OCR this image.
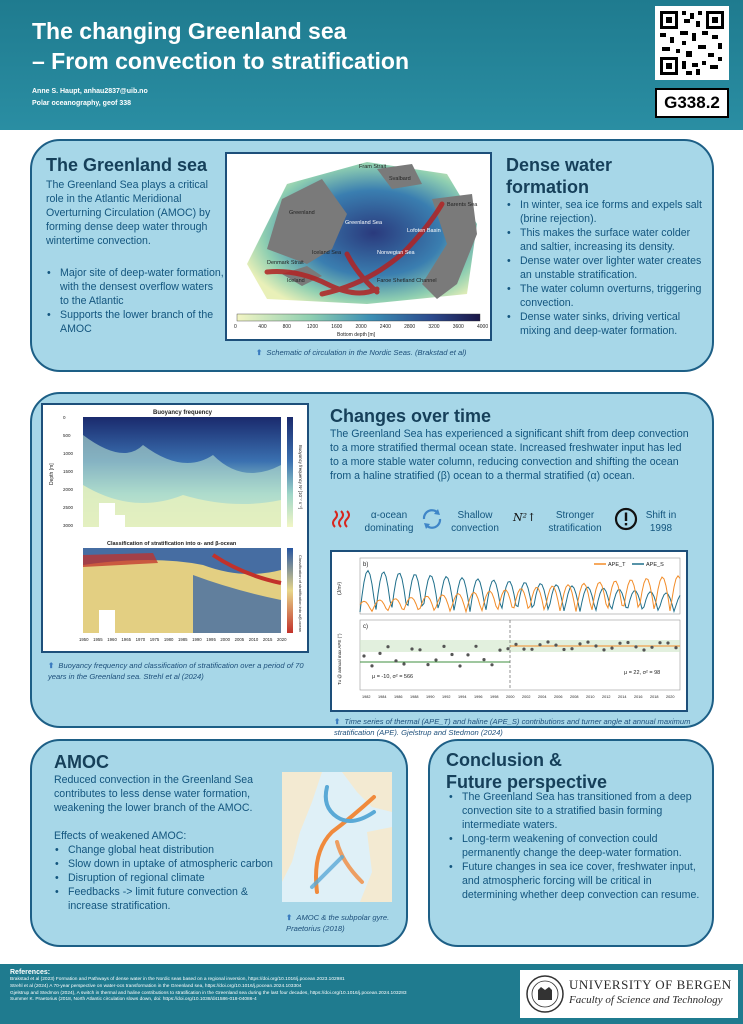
The changing Greenland sea
– From convection to stratification
Anne S. Haupt, anhau2837@uib.no
Polar oceanography, geof 338	G338.2
The Greenland sea
The Greenland Sea plays a critical role in the Atlantic Meridional Overturning Circulation (AMOC) by forming dense deep water through wintertime convection.
• Major site of deep-water formation, with the densest overflow waters to the Atlantic
• Supports the lower branch of the AMOC
Fram Strait
Greenland
Svalbard
Barents Sea
Greenland Sea
Lofoten Basin
Norwegian Sea
Iceland
Iceland Sea
Faroe Shetland Channel
Denmark Strait
0	400	800	1200	1600	2000	2400	2800	3200	3600	4000
Bottom depth [m]
⬆ Schematic of circulation in the Nordic Seas. (Brakstad et al)
Dense water
formation
• In winter, sea ice forms and expels salt (brine rejection).
• This makes the surface water colder and saltier, increasing its density.
• Dense water over lighter water creates an unstable stratification.
• The water column overturns, triggering convection.
• Dense water sinks, driving vertical mixing and deep-water formation.
Buoyancy frequency
Buoyancy frequency N² [10⁻⁷ s⁻²]
Classification of stratification into α- and β-ocean
Classification of stratification into α/β-ocean
Depth [m]
0
500
1000
1500
2000
2500
3000
1950 1955 1960 1965 1970 1975 1980 1985 1990 1995 2000 2005 2010 2015 2020
⬆ Buoyancy frequency and classification of stratification over a period of 70 years in the Greenland sea. Strehl et al (2024)
Changes over time
The Greenland Sea has experienced a significant shift from deep convection to a more stratified thermal ocean state. Increased freshwater input has led to a more stable water column, reducing convection and shifting the ocean from a haline stratified (β) ocean to a thermal stratified (α) ocean.
α-ocean dominating
Shallow convection
N²↑	Stronger stratification
Shift in 1998
b)
(J/m²)
APE_T	APE_S
c)
Tu @ annual max APE (°)	μ = -10, σ² = 566
μ = 22, σ² = 98
1982 1984 1986 1988 1990 1992 1994 1996 1998 2000 2002 2004 2006 2008 2010 2012 2014 2016 2018 2020
⬆ Time series of thermal (APE_T) and haline (APE_S) contributions and turner angle at annual maximum stratification (APE). Gjelstrup and Stedmon (2024)
AMOC
Reduced convection in the Greenland Sea contributes to less dense water formation, weakening the lower branch of the AMOC.
Effects of weakened AMOC:
• Change global heat distribution
• Slow down in uptake of atmospheric carbon
• Disruption of regional climate
• Feedbacks -> limit future convection & increase stratification.
⬆ AMOC & the subpolar gyre. Praetorius (2018)
Conclusion &
Future perspective
• The Greenland Sea has transitioned from a deep convection site to a stratified basin forming intermediate waters.
• Long-term weakening of convection could permanently change the deep-water formation.
• Future changes in sea ice cover, freshwater input, and atmospheric forcing will be critical in determining whether deep convection can resume.
References:
Brakstad et al (2023) Formation and Pathways of dense water in the Nordic seas based on a regional inversion, https://doi.org/10.1016/j.pocean.2023.102981
Strehl et al (2024) A 70-year perspective on water-ocs transformation in the Greenland sea, https://doi.org/10.1016/j.pocean.2024.103304
Gjelstrup and Stedmon (2024), A switch in thermal and haline contributions to stratification in the Greenland sea during the last four decades, https://doi.org/10.1016/j.pocean.2024.103283
Summer K. Praetorius (2018, North Atlantic circulation slows down, doi: https://doi.org/10.1038/d41586-018-04086-4
UNIVERSITY OF BERGEN
Faculty of Science and Technology
